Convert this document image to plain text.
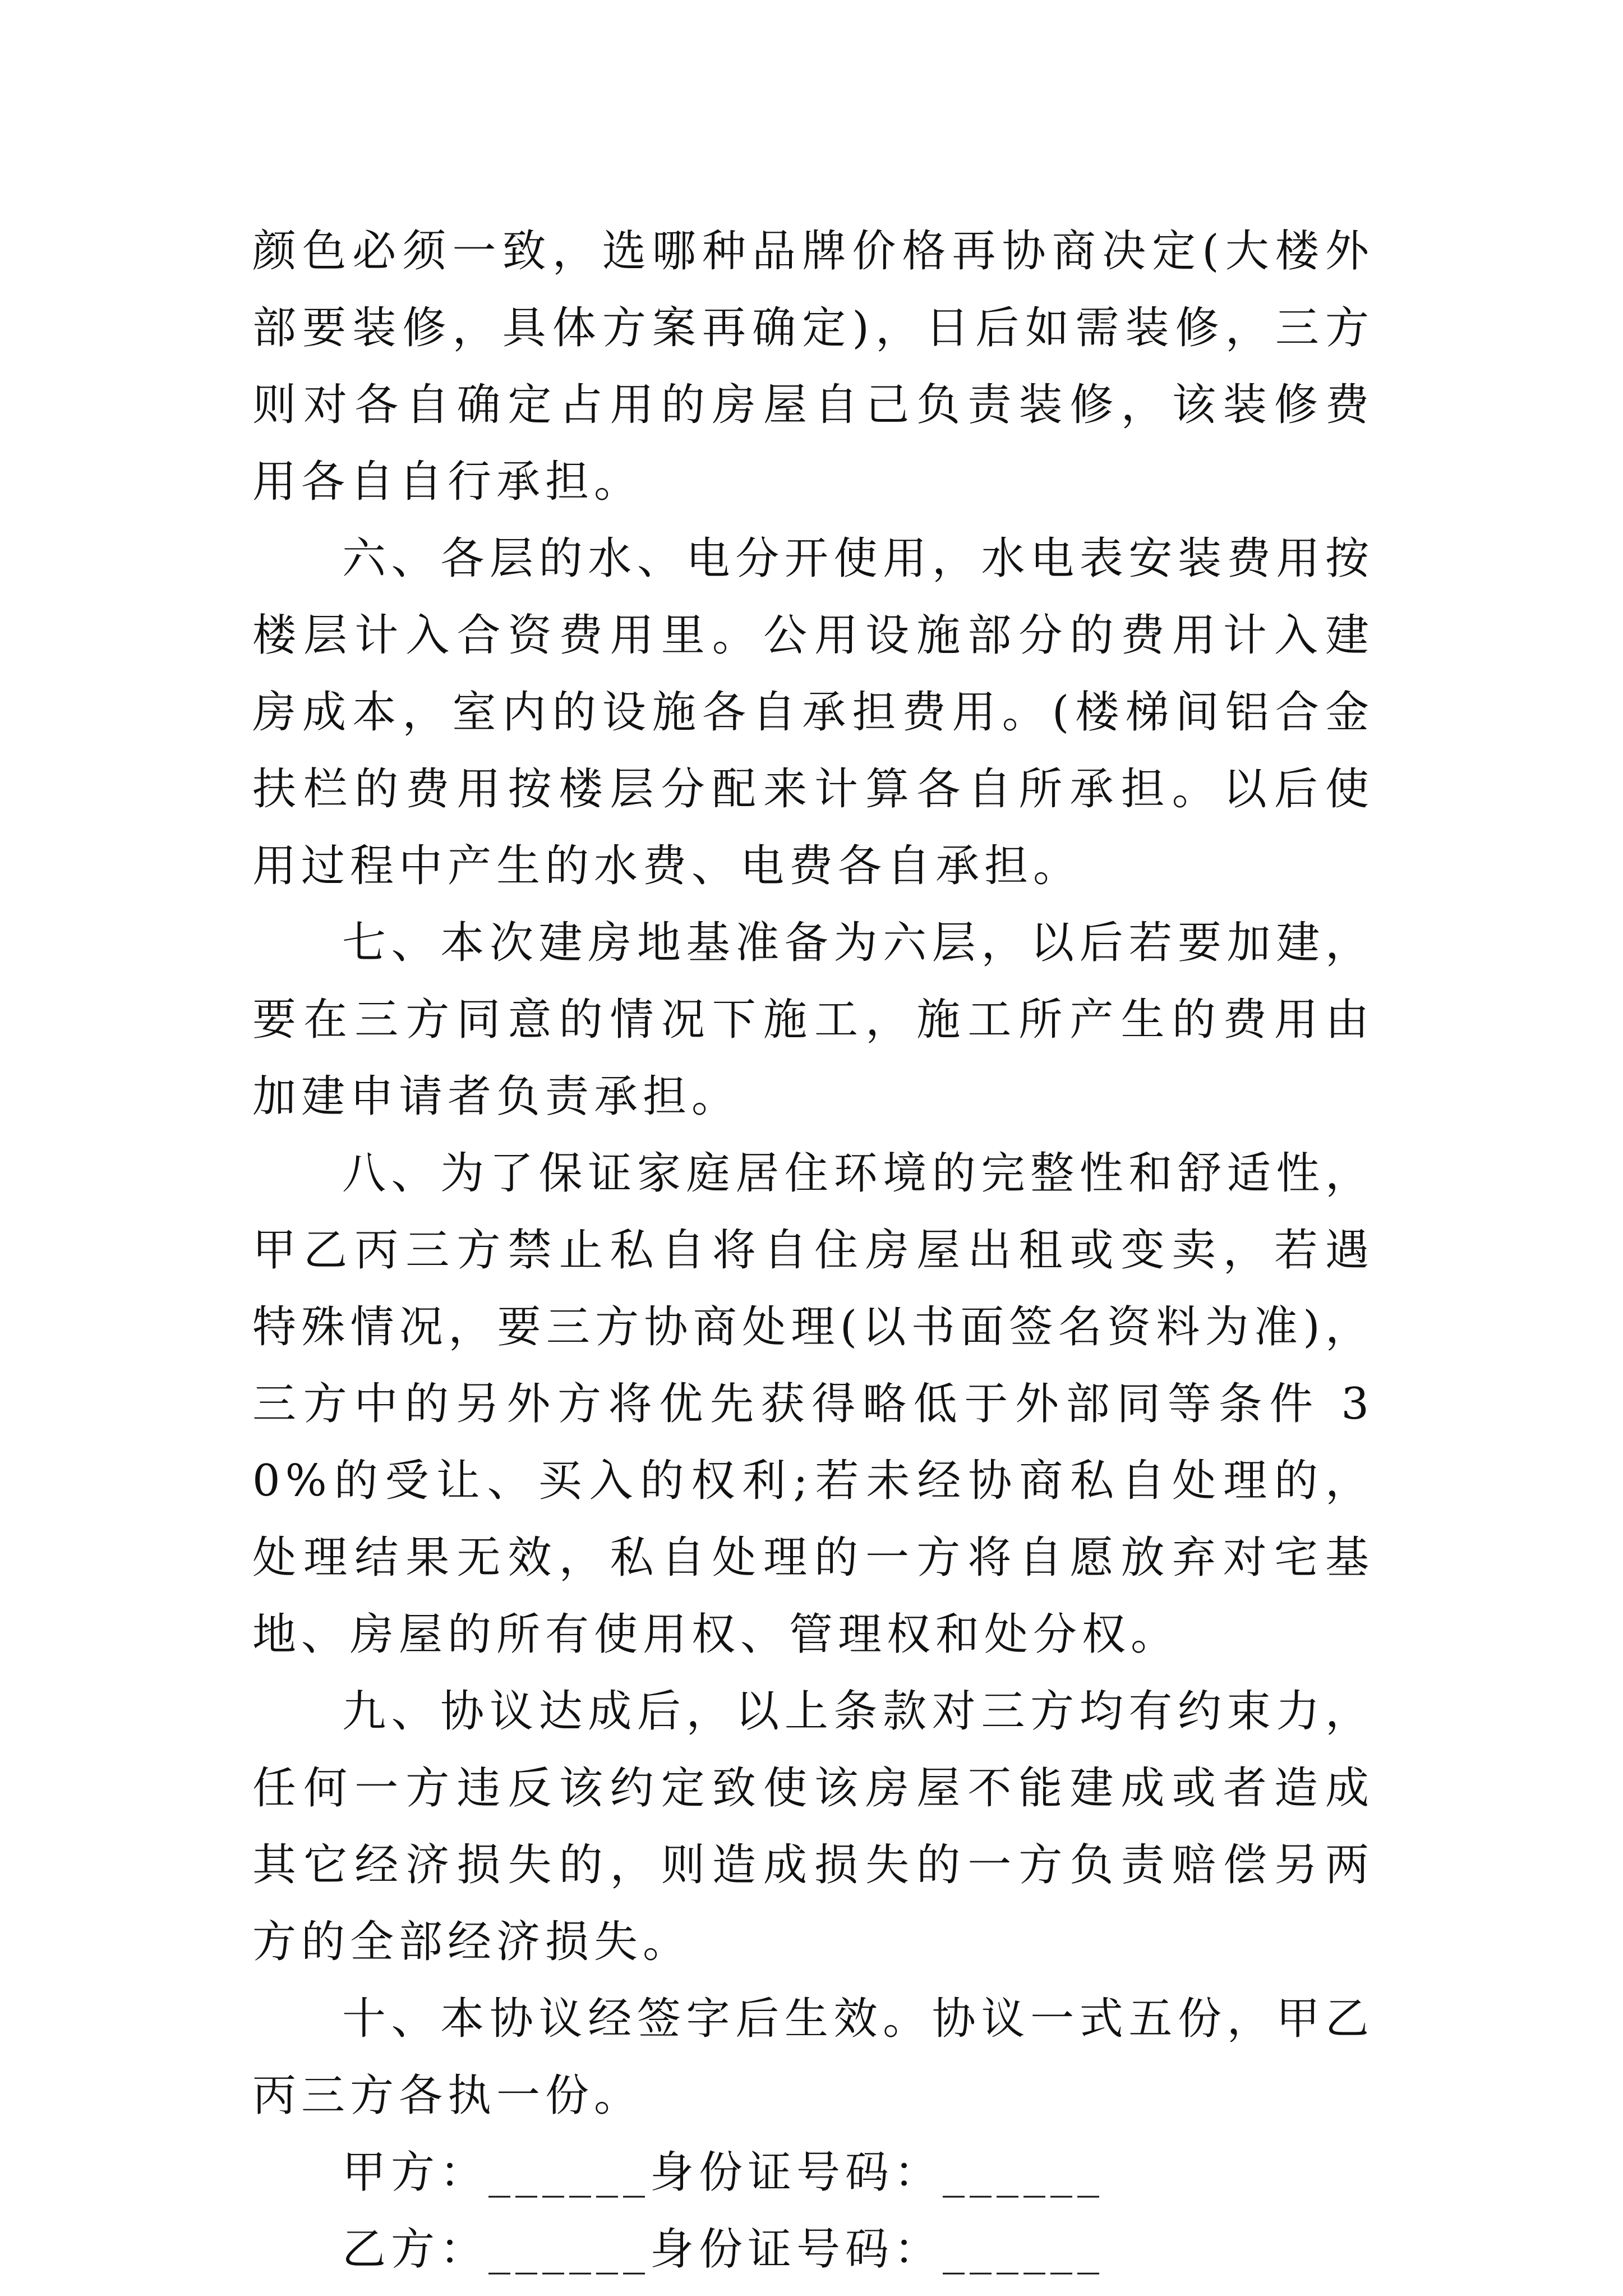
颜色必须一致，选哪种品牌价格再协商决定(大楼外部要装修，具体方案再确定)，日后如需装修，三方则对各自确定占用的房屋自己负责装修，该装修费用各自自行承担。

六、各层的水、电分开使用，水电表安装费用按楼层计入合资费用里。公用设施部分的费用计入建房成本，室内的设施各自承担费用。(楼梯间铝合金扶栏的费用按楼层分配来计算各自所承担。以后使用过程中产生的水费、电费各自承担。

七、本次建房地基准备为六层，以后若要加建，要在三方同意的情况下施工，施工所产生的费用由加建申请者负责承担。

八、为了保证家庭居住环境的完整性和舒适性，甲乙丙三方禁止私自将自住房屋出租或变卖，若遇特殊情况，要三方协商处理(以书面签名资料为准)，三方中的另外方将优先获得略低于外部同等条件 30%的受让、买入的权利;若未经协商私自处理的，处理结果无效，私自处理的一方将自愿放弃对宅基地、房屋的所有使用权、管理权和处分权。

九、协议达成后，以上条款对三方均有约束力，任何一方违反该约定致使该房屋不能建成或者造成其它经济损失的，则造成损失的一方负责赔偿另两方的全部经济损失。

十、本协议经签字后生效。协议一式五份，甲乙丙三方各执一份。

甲方：______身份证号码：______

乙方：______身份证号码：______
